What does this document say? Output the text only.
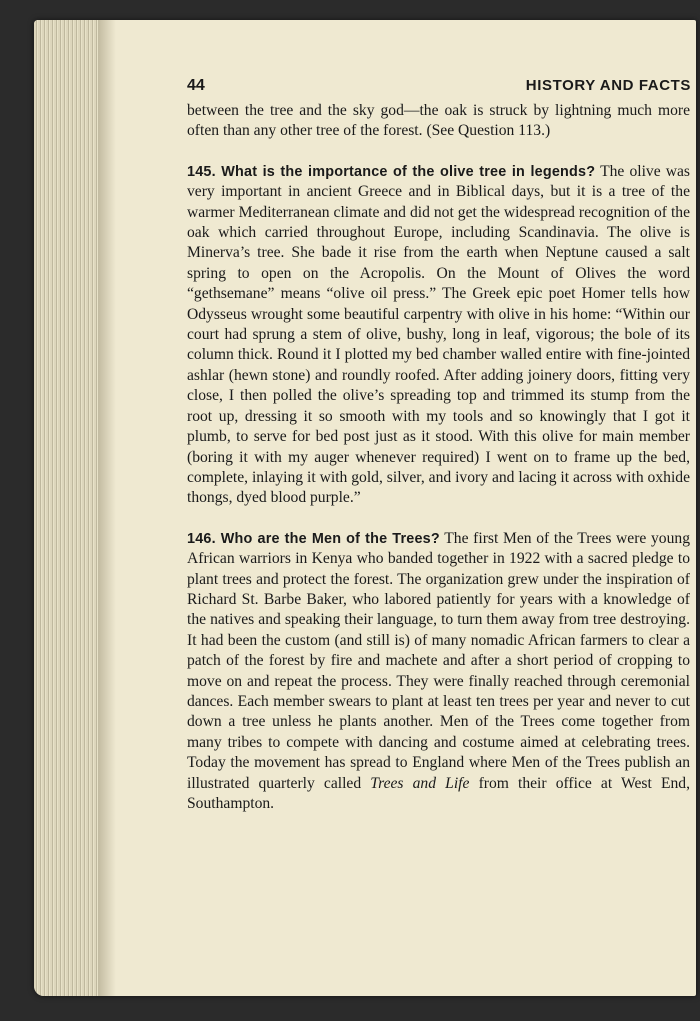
44	HISTORY AND FACTS

between the tree and the sky god—the oak is struck by lightning much more often than any other tree of the forest. (See Question 113.)

145. What is the importance of the olive tree in legends? The olive was very important in ancient Greece and in Biblical days, but it is a tree of the warmer Mediterranean climate and did not get the widespread recognition of the oak which carried throughout Europe, including Scandinavia. The olive is Minerva’s tree. She bade it rise from the earth when Neptune caused a salt spring to open on the Acropolis. On the Mount of Olives the word “gethsemane” means “olive oil press.” The Greek epic poet Homer tells how Odysseus wrought some beautiful carpentry with olive in his home: “Within our court had sprung a stem of olive, bushy, long in leaf, vigorous; the bole of its column thick. Round it I plotted my bed chamber walled entire with fine-jointed ashlar (hewn stone) and roundly roofed. After adding joinery doors, fitting very close, I then polled the olive’s spreading top and trimmed its stump from the root up, dressing it so smooth with my tools and so knowingly that I got it plumb, to serve for bed post just as it stood. With this olive for main member (boring it with my auger whenever required) I went on to frame up the bed, complete, inlaying it with gold, silver, and ivory and lacing it across with oxhide thongs, dyed blood purple.”

146. Who are the Men of the Trees? The first Men of the Trees were young African warriors in Kenya who banded together in 1922 with a sacred pledge to plant trees and protect the forest. The organization grew under the inspiration of Richard St. Barbe Baker, who labored patiently for years with a knowledge of the natives and speaking their language, to turn them away from tree destroying. It had been the custom (and still is) of many nomadic African farmers to clear a patch of the forest by fire and machete and after a short period of cropping to move on and repeat the process. They were finally reached through ceremonial dances. Each member swears to plant at least ten trees per year and never to cut down a tree unless he plants another. Men of the Trees come together from many tribes to compete with dancing and costume aimed at celebrating trees. Today the movement has spread to England where Men of the Trees publish an illustrated quarterly called Trees and Life from their office at West End, Southampton.
